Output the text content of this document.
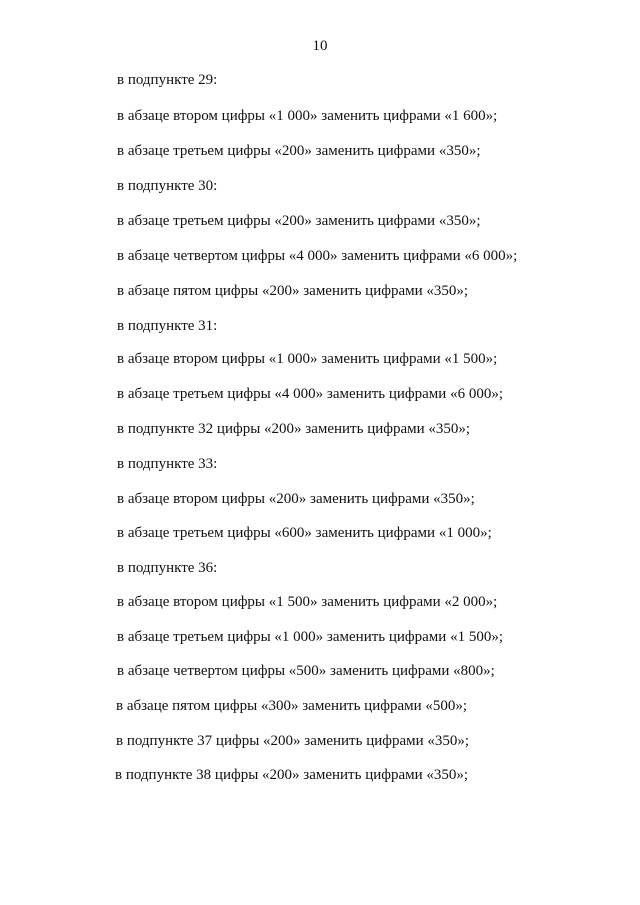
10
в подпункте 29:
в абзаце втором цифры «1 000» заменить цифрами «1 600»;
в абзаце третьем цифры «200» заменить цифрами «350»;
в подпункте 30:
в абзаце третьем цифры «200» заменить цифрами «350»;
в абзаце четвертом цифры «4 000» заменить цифрами «6 000»;
в абзаце пятом цифры «200» заменить цифрами «350»;
в подпункте 31:
в абзаце втором цифры «1 000» заменить цифрами «1 500»;
в абзаце третьем цифры «4 000» заменить цифрами «6 000»;
в подпункте 32 цифры «200» заменить цифрами «350»;
в подпункте 33:
в абзаце втором цифры «200» заменить цифрами «350»;
в абзаце третьем цифры «600» заменить цифрами «1 000»;
в подпункте 36:
в абзаце втором цифры «1 500» заменить цифрами «2 000»;
в абзаце третьем цифры «1 000» заменить цифрами «1 500»;
в абзаце четвертом цифры «500» заменить цифрами «800»;
в абзаце пятом цифры «300» заменить цифрами «500»;
в подпункте 37 цифры «200» заменить цифрами «350»;
в подпункте 38 цифры «200» заменить цифрами «350»;
